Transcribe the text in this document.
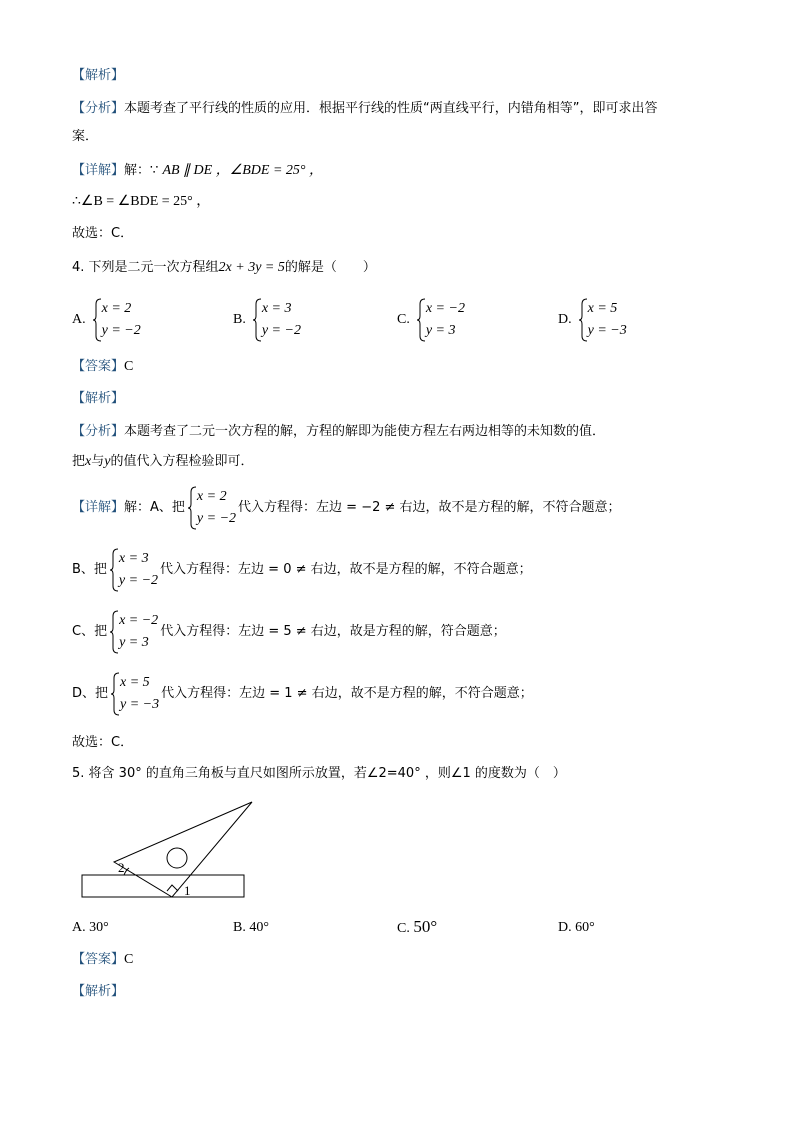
【解析】
【分析】本题考查了平行线的性质的应用．根据平行线的性质“两直线平行，内错角相等”，即可求出答
案．
【详解】解：∵ AB ∥ DE ，∠BDE = 25° ，
∴∠B = ∠BDE = 25° ，
故选：C．
4. 下列是二元一次方程组2x + 3y = 5的解是（　　）
A.
x = 2
y = −2
B.
x = 3
y = −2
C.
x = −2
y = 3
D.
x = 5
y = −3
【答案】C
【解析】
【分析】本题考查了二元一次方程的解，方程的解即为能使方程左右两边相等的未知数的值．
把x与y的值代入方程检验即可．
【详解】 解：A、把
x = 2
y = −2
代入方程得：左边 = −2 ≠ 右边，故不是方程的解，不符合题意；
B、把
x = 3
y = −2
代入方程得：左边 = 0 ≠ 右边，故不是方程的解，不符合题意；
C、把
x = −2
y = 3
代入方程得：左边 = 5 ≠ 右边，故是方程的解，符合题意；
D、把
x = 5
y = −3
代入方程得：左边 = 1 ≠ 右边，故不是方程的解，不符合题意；
故选：C．
5. 将含 30° 的直角三角板与直尺如图所示放置，若∠2=40° ，则∠1 的度数为（　）
2
1
A. 30°	B. 40°	C. 50°	D. 60°
【答案】C
【解析】
